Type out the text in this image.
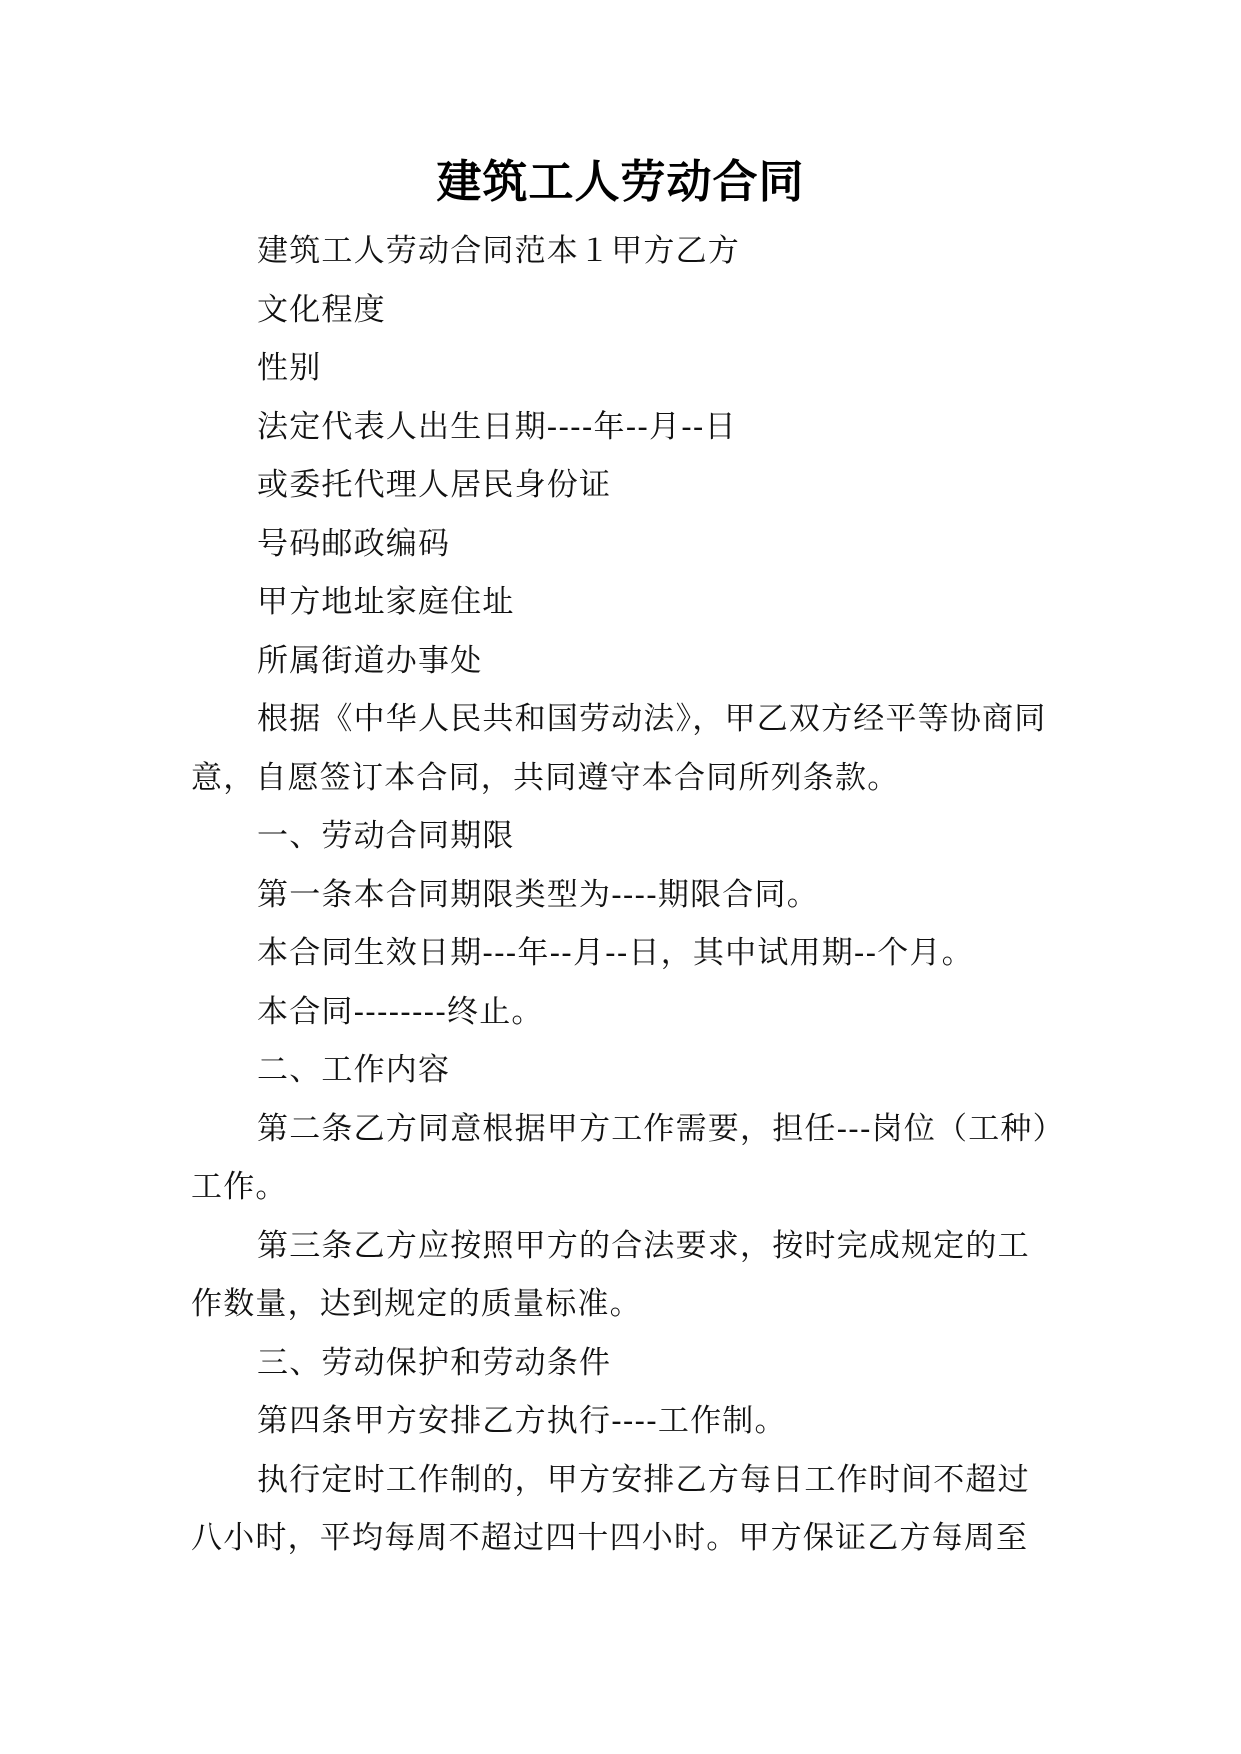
建筑工人劳动合同

建筑工人劳动合同范本１甲方乙方

文化程度

性别

法定代表人出生日期----年--月--日

或委托代理人居民身份证

号码邮政编码

甲方地址家庭住址

所属街道办事处

根据《中华人民共和国劳动法》，甲乙双方经平等协商同意，自愿签订本合同，共同遵守本合同所列条款。

一、劳动合同期限

第一条本合同期限类型为----期限合同。

本合同生效日期---年--月--日，其中试用期--个月。

本合同--------终止。

二、工作内容

第二条乙方同意根据甲方工作需要，担任---岗位（工种）工作。

第三条乙方应按照甲方的合法要求，按时完成规定的工作数量，达到规定的质量标准。

三、劳动保护和劳动条件

第四条甲方安排乙方执行----工作制。

执行定时工作制的，甲方安排乙方每日工作时间不超过八小时，平均每周不超过四十四小时。甲方保证乙方每周至
